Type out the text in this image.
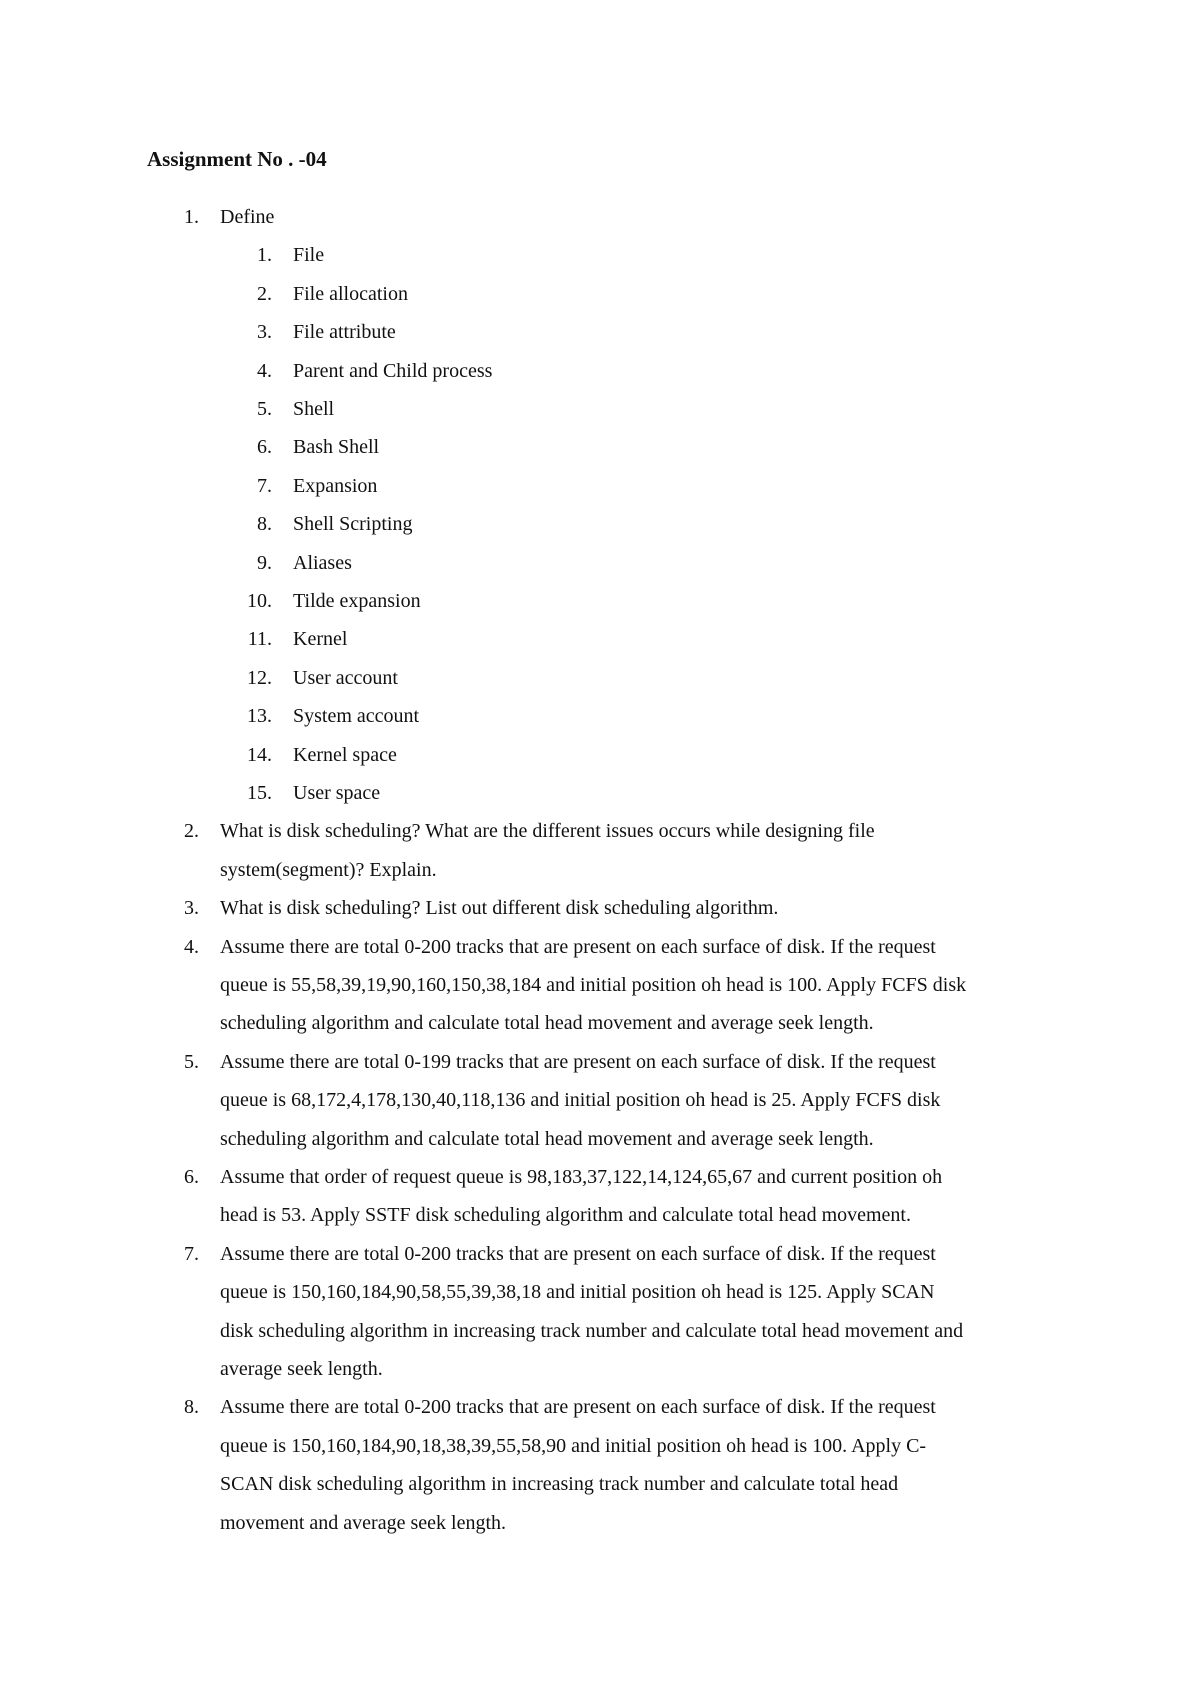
Assignment No . -04
1. Define

1. File

2. File allocation

3. File attribute

4. Parent and Child process

5. Shell

6. Bash Shell

7. Expansion

8. Shell Scripting

9. Aliases

10. Tilde expansion

11. Kernel

12. User account

13. System account

14. Kernel space

15. User space

2. What is disk scheduling? What are the different issues occurs while designing file

system(segment)? Explain.

3. What is disk scheduling? List out different disk scheduling algorithm.

4. Assume there are total 0-200 tracks that are present on each surface of disk. If the request

queue is 55,58,39,19,90,160,150,38,184 and initial position oh head is 100. Apply FCFS disk

scheduling algorithm and calculate total head movement and average seek length.

5. Assume there are total 0-199 tracks that are present on each surface of disk. If the request

queue is 68,172,4,178,130,40,118,136 and initial position oh head is 25. Apply FCFS disk

scheduling algorithm and calculate total head movement and average seek length.

6. Assume that order of request queue is 98,183,37,122,14,124,65,67 and current position oh

head is 53. Apply SSTF disk scheduling algorithm and calculate total head movement.

7. Assume there are total 0-200 tracks that are present on each surface of disk. If the request

queue is 150,160,184,90,58,55,39,38,18 and initial position oh head is 125. Apply SCAN

disk scheduling algorithm in increasing track number and calculate total head movement and

average seek length.

8. Assume there are total 0-200 tracks that are present on each surface of disk. If the request

queue is 150,160,184,90,18,38,39,55,58,90 and initial position oh head is 100. Apply C-

SCAN disk scheduling algorithm in increasing track number and calculate total head

movement and average seek length.
